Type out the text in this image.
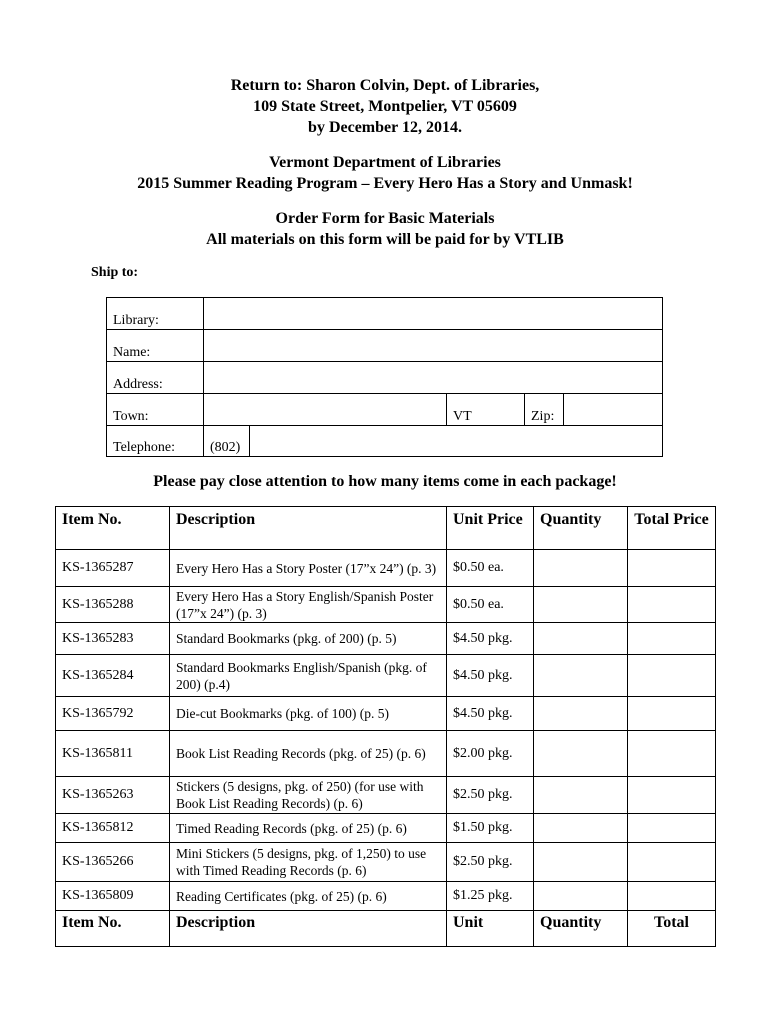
Return to: Sharon Colvin, Dept. of Libraries,
109 State Street, Montpelier, VT 05609
by December 12, 2014.
Vermont Department of Libraries
2015 Summer Reading Program – Every Hero Has a Story and Unmask!
Order Form for Basic Materials
All materials on this form will be paid for by VTLIB
Ship to:
Library:
Name:
Address:
Town:	VT	Zip:
Telephone:	(802)
Please pay close attention to how many items come in each package!
Item No.	Description	Unit Price	Quantity	Total Price
KS-1365287	Every Hero Has a Story Poster (17”x 24”) (p. 3)	$0.50 ea.		
KS-1365288	Every Hero Has a Story English/Spanish Poster (17”x 24”) (p. 3)	$0.50 ea.		
KS-1365283	Standard Bookmarks (pkg. of 200) (p. 5)	$4.50 pkg.		
KS-1365284	Standard Bookmarks English/Spanish (pkg. of 200) (p.4)	$4.50 pkg.		
KS-1365792	Die-cut Bookmarks (pkg. of 100) (p. 5)	$4.50 pkg.		
KS-1365811	Book List Reading Records (pkg. of 25) (p. 6)	$2.00 pkg.		
KS-1365263	Stickers (5 designs, pkg. of 250) (for use with Book List Reading Records) (p. 6)	$2.50 pkg.		
KS-1365812	Timed Reading Records (pkg. of 25) (p. 6)	$1.50 pkg.		
KS-1365266	Mini Stickers (5 designs, pkg. of 1,250) to use with Timed Reading Records (p. 6)	$2.50 pkg.		
KS-1365809	Reading Certificates (pkg. of 25) (p. 6)	$1.25 pkg.		
Item No.	Description	Unit	Quantity	Total
